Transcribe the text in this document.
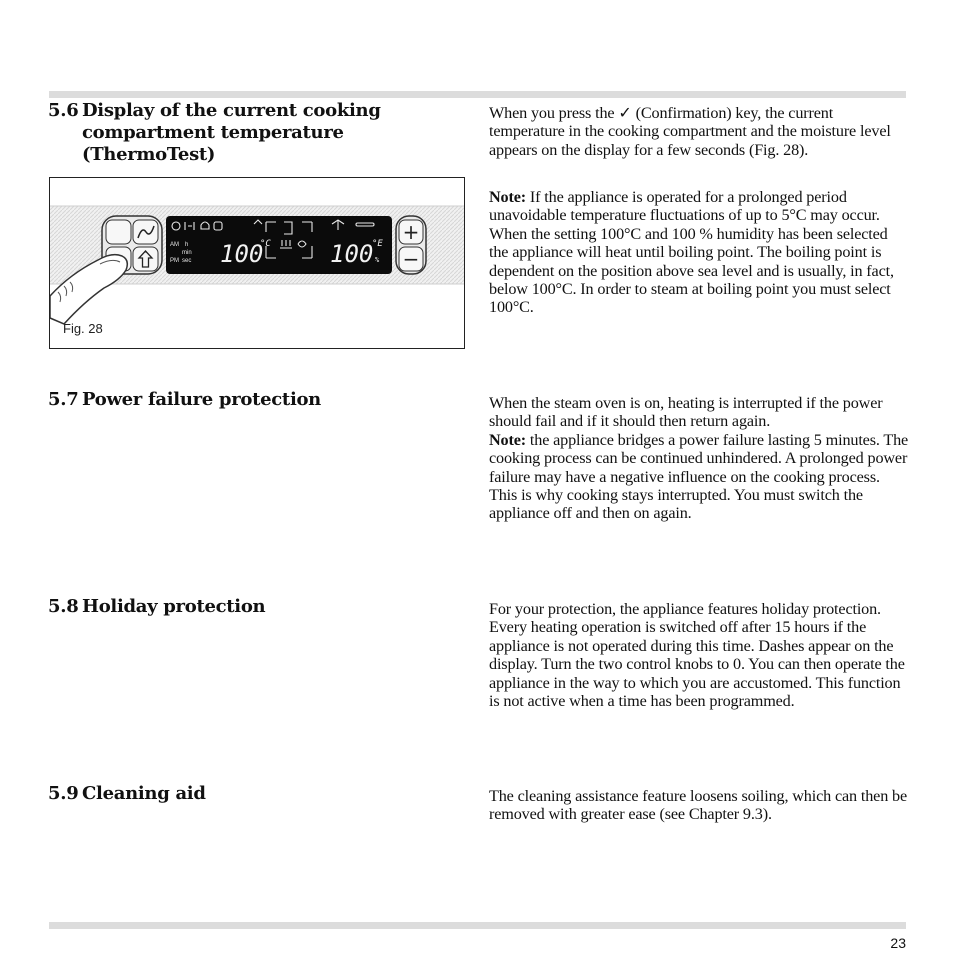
5.6 Display of the current cooking compartment temperature (ThermoTest)
AM h
min
PM sec 100
°C 100
°E
%
+
−
Fig. 28

When you press the ✓ (Confirmation) key, the current temperature in the cooking compartment and the moisture level appears on the display for a few seconds (Fig. 28).

Note: If the appliance is operated for a prolonged period unavoidable temperature fluctuations of up to 5°C may occur.
When the setting 100°C and 100 % humidity has been selected the appliance will heat until boiling point. The boiling point is dependent on the position above sea level and is usually, in fact, below 100°C. In order to steam at boiling point you must select 100°C.

5.7 Power failure protection	When the steam oven is on, heating is interrupted if the power should fail and if it should then return again.
Note: the appliance bridges a power failure lasting 5 minutes. The cooking process can be continued unhindered. A prolonged power failure may have a negative influence on the cooking process. This is why cooking stays interrupted. You must switch the appliance off and then on again.

5.8 Holiday protection	For your protection, the appliance features holiday protection. Every heating operation is switched off after 15 hours if the appliance is not operated during this time. Dashes appear on the display. Turn the two control knobs to 0. You can then operate the appliance in the way to which you are accustomed. This function is not active when a time has been programmed.

5.9 Cleaning aid	The cleaning assistance feature loosens soiling, which can then be removed with greater ease (see Chapter 9.3).

23
